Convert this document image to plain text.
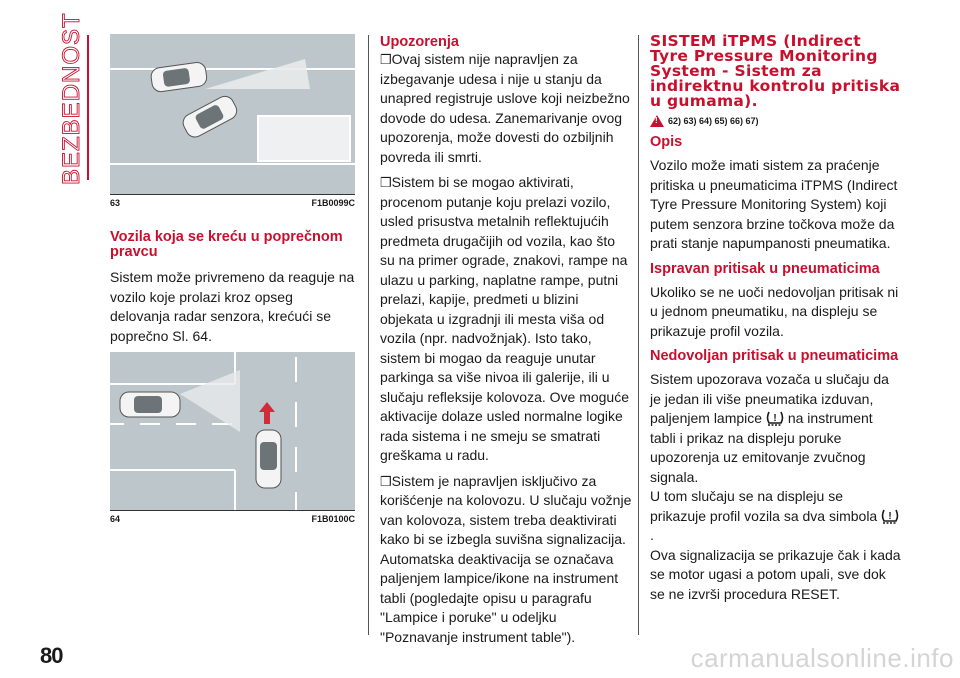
BEZBEDNOST
63	F1B0099C
Vozila koja se kreću u poprečnom pravcu

Sistem može privremeno da reaguje na vozilo koje prolazi kroz opseg delovanja radar senzora, krećući se poprečno Sl. 64.

64	F1B0100C
Upozorenja

❒Ovaj sistem nije napravljen za izbegavanje udesa i nije u stanju da unapred registruje uslove koji neizbežno dovode do udesa. Zanemarivanje ovog upozorenja, može dovesti do ozbiljnih povreda ili smrti.

❒Sistem bi se mogao aktivirati, procenom putanje koju prelazi vozilo, usled prisustva metalnih reflektujućih predmeta drugačijih od vozila, kao što su na primer ograde, znakovi, rampe na ulazu u parking, naplatne rampe, putni prelazi, kapije, predmeti u blizini objekata u izgradnji ili mesta viša od vozila (npr. nadvožnjak). Isto tako, sistem bi mogao da reaguje unutar parkinga sa više nivoa ili galerije, ili u slučaju refleksije kolovoza. Ove moguće aktivacije dolaze usled normalne logike rada sistema i ne smeju se smatrati greškama u radu.

❒Sistem je napravljen isključivo za korišćenje na kolovozu. U slučaju vožnje van kolovoza, sistem treba deaktivirati kako bi se izbegla suvišna signalizacija. Automatska deaktivacija se označava paljenjem lampice/ikone na instrument tabli (pogledajte opisu u paragrafu "Lampice i poruke" u odeljku "Poznavanje instrument table").

SISTEM iTPMS (Indirect Tyre Pressure Monitoring System - Sistem za indirektnu kontrolu pritiska u gumama).
!
62) 63) 64) 65) 66) 67)
Opis

Vozilo može imati sistem za praćenje pritiska u pneumaticima iTPMS (Indirect Tyre Pressure Monitoring System) koji putem senzora brzine točkova može da prati stanje napumpanosti pneumatika.

Ispravan pritisak u pneumaticima

Ukoliko se ne uoči nedovoljan pritisak ni u jednom pneumatiku, na displeju se prikazuje profil vozila.

Nedovoljan pritisak u pneumaticima

Sistem upozorava vozača u slučaju da je jedan ili više pneumatika izduvan, paljenjem lampice ! na instrument tabli i prikaz na displeju poruke upozorenja uz emitovanje zvučnog signala.

U tom slučaju se na displeju se prikazuje profil vozila sa dva simbola !
.

Ova signalizacija se prikazuje čak i kada se motor ugasi a potom upali, sve dok se ne izvrši procedura RESET.

80	carmanualsonline.info
